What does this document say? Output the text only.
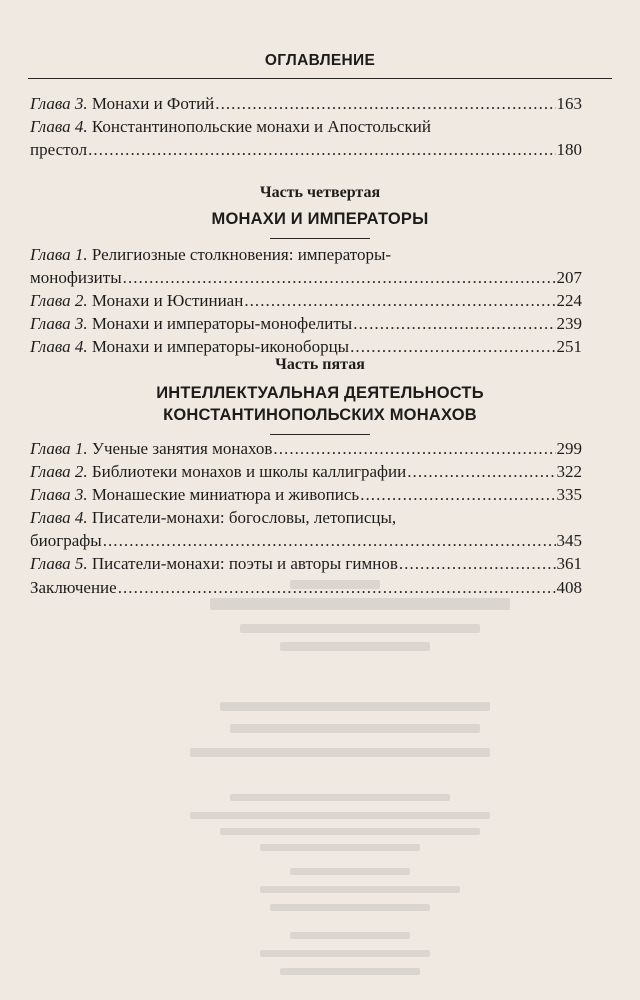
ОГЛАВЛЕНИЕ
Глава 3. Монахи и Фотий . . .	163
Глава 4. Константинопольские монахи и Апостольский
престол . . .	180
Часть четвертая
МОНАХИ И ИМПЕРАТОРЫ
Глава 1. Религиозные столкновения: императоры-
монофизиты . . .	207
Глава 2. Монахи и Юстиниан . . .	224
Глава 3. Монахи и императоры-монофелиты . . .	239
Глава 4. Монахи и императоры-иконоборцы . . .	251
Часть пятая
ИНТЕЛЛЕКТУАЛЬНАЯ ДЕЯТЕЛЬНОСТЬ
КОНСТАНТИНОПОЛЬСКИХ МОНАХОВ
Глава 1. Ученые занятия монахов . . .	299
Глава 2. Библиотеки монахов и школы каллиграфии . . .	322
Глава 3. Монашеские миниатюра и живопись . . .	335
Глава 4. Писатели-монахи: богословы, летописцы,
биографы . . .	345
Глава 5. Писатели-монахи: поэты и авторы гимнов . . .	361
Заключение . . .	408
